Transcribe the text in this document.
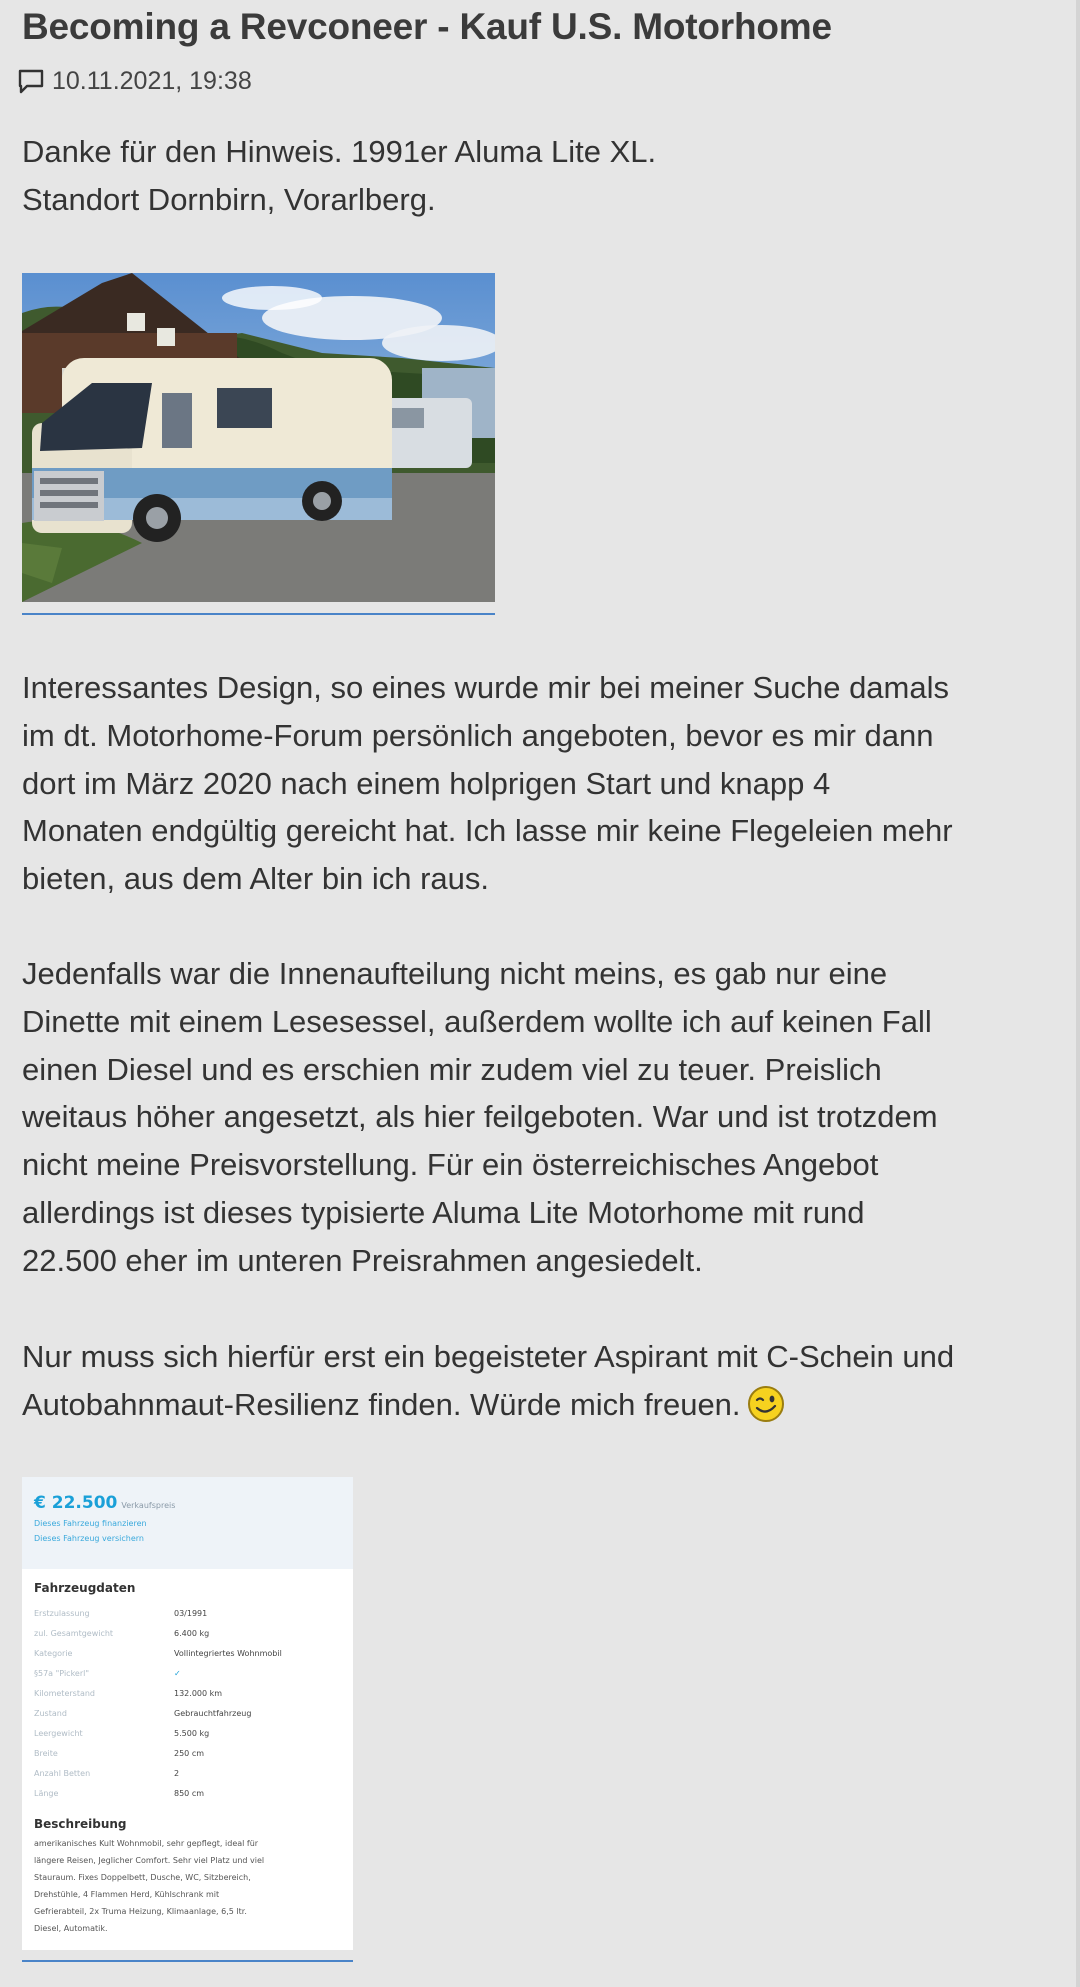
Becoming a Revconeer - Kauf U.S. Motorhome
10.11.2021, 19:38

Danke für den Hinweis. 1991er Aluma Lite XL.

Standort Dornbirn, Vorarlberg.

Interessantes Design, so eines wurde mir bei meiner Suche damals

im dt. Motorhome-Forum persönlich angeboten, bevor es mir dann

dort im März 2020 nach einem holprigen Start und knapp 4

Monaten endgültig gereicht hat. Ich lasse mir keine Flegeleien mehr

bieten, aus dem Alter bin ich raus.

Jedenfalls war die Innenaufteilung nicht meins, es gab nur eine

Dinette mit einem Lesesessel, außerdem wollte ich auf keinen Fall

einen Diesel und es erschien mir zudem viel zu teuer. Preislich

weitaus höher angesetzt, als hier feilgeboten. War und ist trotzdem

nicht meine Preisvorstellung. Für ein österreichisches Angebot

allerdings ist dieses typisierte Aluma Lite Motorhome mit rund

22.500 eher im unteren Preisrahmen angesiedelt.

Nur muss sich hierfür erst ein begeisteter Aspirant mit C-Schein und

Autobahnmaut-Resilienz finden. Würde mich freuen.

€ 22.500 Verkaufspreis
Dieses Fahrzeug finanzieren
Dieses Fahrzeug versichern
Fahrzeugdaten
Erstzulassung	03/1991
zul. Gesamtgewicht	6.400 kg
Kategorie	Vollintegriertes Wohnmobil
§57a "Pickerl"	✓
Kilometerstand	132.000 km
Zustand	Gebrauchtfahrzeug
Leergewicht	5.500 kg
Breite	250 cm
Anzahl Betten	2
Länge	850 cm
Beschreibung
amerikanisches Kult Wohnmobil, sehr gepflegt, ideal für
längere Reisen, Jeglicher Comfort. Sehr viel Platz und viel
Stauraum. Fixes Doppelbett, Dusche, WC, Sitzbereich,
Drehstühle, 4 Flammen Herd, Kühlschrank mit
Gefrierabteil, 2x Truma Heizung, Klimaanlage, 6,5 ltr.
Diesel, Automatik.
